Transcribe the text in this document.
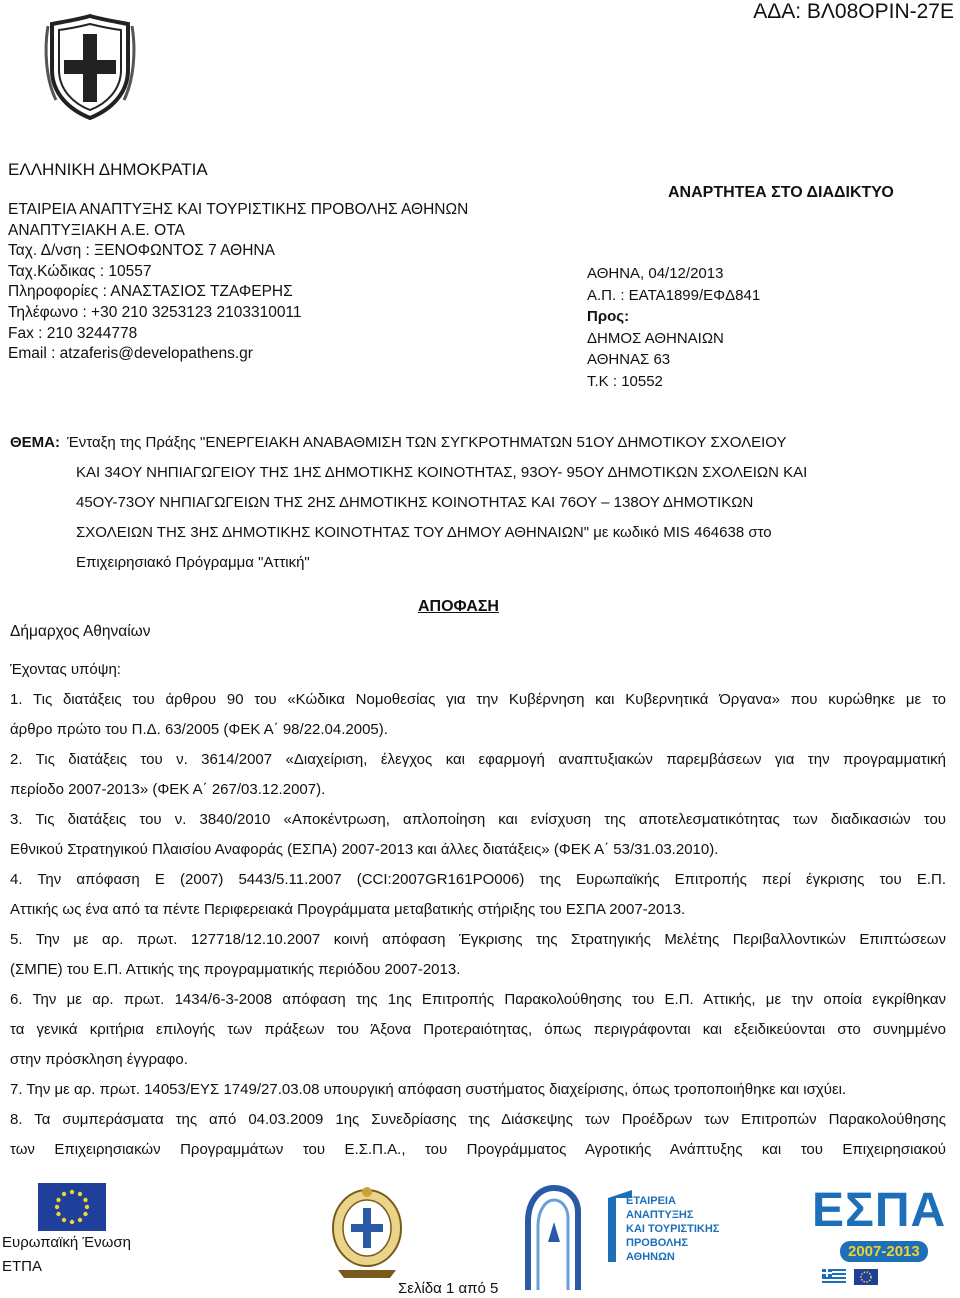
ΑΔΑ: ΒΛ08ΟΡΙΝ-27Ε
ΕΛΛΗΝΙΚΗ ΔΗΜΟΚΡΑΤΙΑ
ΕΤΑΙΡΕΙΑ ΑΝΑΠΤΥΞΗΣ ΚΑΙ ΤΟΥΡΙΣΤΙΚΗΣ ΠΡΟΒΟΛΗΣ ΑΘΗΝΩΝ
ΑΝΑΠΤΥΞΙΑΚΗ Α.Ε. ΟΤΑ
Ταχ. Δ/νση : ΞΕΝΟΦΩΝΤΟΣ 7 ΑΘΗΝΑ
Ταχ.Κώδικας : 10557
Πληροφορίες : ΑΝΑΣΤΑΣΙΟΣ ΤΖΑΦΕΡΗΣ
Τηλέφωνο : +30 210 3253123 2103310011
Fax : 210 3244778
Email : atzaferis@developathens.gr
ΑΝΑΡΤΗΤΕΑ ΣΤΟ ΔΙΑΔΙΚΤΥΟ
ΑΘΗΝΑ, 04/12/2013
Α.Π. : ΕΑΤΑ1899/ΕΦΔ841
Προς:
ΔΗΜΟΣ ΑΘΗΝΑΙΩΝ
ΑΘΗΝΑΣ 63
Τ.Κ : 10552
ΘΕΜΑ: Ένταξη της Πράξης "ΕΝΕΡΓΕΙΑΚΗ ΑΝΑΒΑΘΜΙΣΗ ΤΩΝ ΣΥΓΚΡΟΤΗΜΑΤΩΝ 51ΟΥ ΔΗΜΟΤΙΚΟΥ ΣΧΟΛΕΙΟΥ
ΚΑΙ 34ΟΥ ΝΗΠΙΑΓΩΓΕΙΟΥ ΤΗΣ 1ΗΣ ΔΗΜΟΤΙΚΗΣ ΚΟΙΝΟΤΗΤΑΣ, 93ΟΥ- 95ΟΥ ΔΗΜΟΤΙΚΩΝ ΣΧΟΛΕΙΩΝ ΚΑΙ
45ΟΥ-73ΟΥ ΝΗΠΙΑΓΩΓΕΙΩΝ ΤΗΣ 2ΗΣ ΔΗΜΟΤΙΚΗΣ ΚΟΙΝΟΤΗΤΑΣ ΚΑΙ 76ΟΥ – 138ΟΥ ΔΗΜΟΤΙΚΩΝ
ΣΧΟΛΕΙΩΝ ΤΗΣ 3ΗΣ ΔΗΜΟΤΙΚΗΣ ΚΟΙΝΟΤΗΤΑΣ ΤΟΥ ΔΗΜΟΥ ΑΘΗΝΑΙΩΝ" με κωδικό MIS 464638 στο
Επιχειρησιακό Πρόγραμμα "Αττική"
ΑΠΟΦΑΣΗ
Δήμαρχος Αθηναίων
Έχοντας υπόψη:
1. Τις διατάξεις του άρθρου 90 του «Κώδικα Νομοθεσίας για την Κυβέρνηση και Κυβερνητικά Όργανα» που κυρώθηκε με το
άρθρο πρώτο του Π.Δ. 63/2005 (ΦΕΚ Α΄ 98/22.04.2005).
2. Τις διατάξεις του ν. 3614/2007 «Διαχείριση, έλεγχος και εφαρμογή αναπτυξιακών παρεμβάσεων για την προγραμματική
περίοδο 2007-2013» (ΦΕΚ Α΄ 267/03.12.2007).
3. Τις διατάξεις του ν. 3840/2010 «Αποκέντρωση, απλοποίηση και ενίσχυση της αποτελεσματικότητας των διαδικασιών του
Εθνικού Στρατηγικού Πλαισίου Αναφοράς (ΕΣΠΑ) 2007-2013 και άλλες διατάξεις» (ΦΕΚ Α΄ 53/31.03.2010).
4. Την απόφαση Ε (2007) 5443/5.11.2007 (CCI:2007GR161PO006) της Ευρωπαϊκής Επιτροπής περί έγκρισης του Ε.Π.
Αττικής ως ένα από τα πέντε Περιφερειακά Προγράμματα μεταβατικής στήριξης του ΕΣΠΑ 2007-2013.
5. Την με αρ. πρωτ. 127718/12.10.2007 κοινή απόφαση Έγκρισης της Στρατηγικής Μελέτης Περιβαλλοντικών Επιπτώσεων
(ΣΜΠΕ) του Ε.Π. Αττικής της προγραμματικής περιόδου 2007-2013.
6. Την με αρ. πρωτ. 1434/6-3-2008 απόφαση της 1ης Επιτροπής Παρακολούθησης του Ε.Π. Αττικής, με την οποία εγκρίθηκαν
τα γενικά κριτήρια επιλογής των πράξεων του Άξονα Προτεραιότητας, όπως περιγράφονται και εξειδικεύονται στο συνημμένο
στην πρόσκληση έγγραφο.
7. Την με αρ. πρωτ. 14053/ΕΥΣ 1749/27.03.08 υπουργική απόφαση συστήματος διαχείρισης, όπως τροποποιήθηκε και ισχύει.
8. Τα συμπεράσματα της από 04.03.2009 1ης Συνεδρίασης της Διάσκεψης των Προέδρων των Επιτροπών Παρακολούθησης
των Επιχειρησιακών Προγραμμάτων του Ε.Σ.Π.Α., του Προγράμματος Αγροτικής Ανάπτυξης και του Επιχειρησιακού
Ευρωπαϊκή Ένωση
ΕΤΠΑ
ΕΤΑΙΡΕΙΑ
ΑΝΑΠΤΥΞΗΣ
ΚΑΙ ΤΟΥΡΙΣΤΙΚΗΣ
ΠΡΟΒΟΛΗΣ
ΑΘΗΝΩΝ
ΕΣΠΑ
2007-2013
Σελίδα 1 από 5
